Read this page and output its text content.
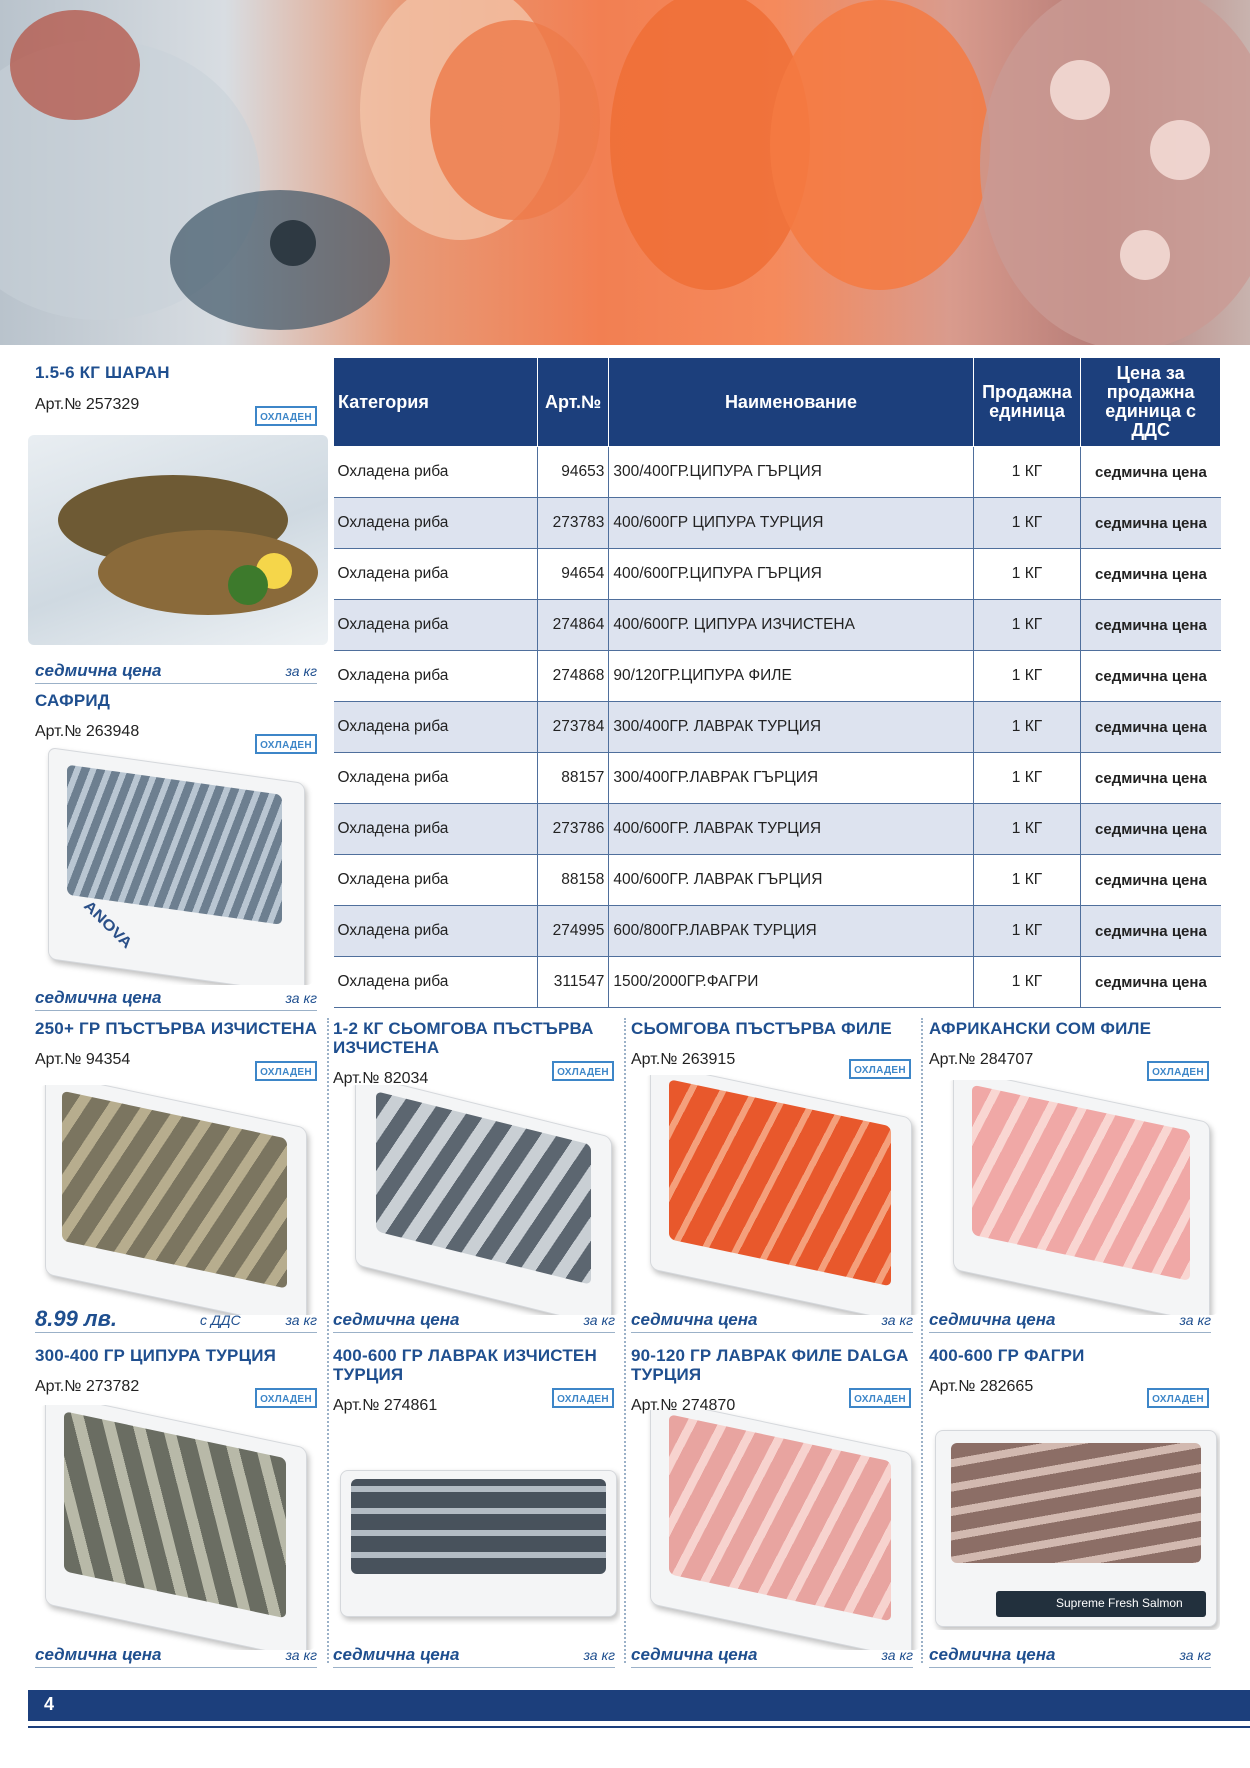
1.5-6 КГ ШАРАН
Арт.№ 257329
ОХЛАДЕН
седмична цена	за кг
САФРИД
Арт.№ 263948
ОХЛАДЕН
ANOVA
седмична цена	за кг
Категория	Арт.№	Наименование	Продажна единица	Цена за продажна единица с ДДС
Охладена риба	94653	300/400ГР.ЦИПУРА ГЪРЦИЯ	1 КГ	седмична цена
Охладена риба	273783	400/600ГР ЦИПУРА ТУРЦИЯ	1 КГ	седмична цена
Охладена риба	94654	400/600ГР.ЦИПУРА ГЪРЦИЯ	1 КГ	седмична цена
Охладена риба	274864	400/600ГР. ЦИПУРА ИЗЧИСТЕНА	1 КГ	седмична цена
Охладена риба	274868	90/120ГР.ЦИПУРА ФИЛЕ	1 КГ	седмична цена
Охладена риба	273784	300/400ГР. ЛАВРАК ТУРЦИЯ	1 КГ	седмична цена
Охладена риба	88157	300/400ГР.ЛАВРАК ГЪРЦИЯ	1 КГ	седмична цена
Охладена риба	273786	400/600ГР. ЛАВРАК ТУРЦИЯ	1 КГ	седмична цена
Охладена риба	88158	400/600ГР. ЛАВРАК ГЪРЦИЯ	1 КГ	седмична цена
Охладена риба	274995	600/800ГР.ЛАВРАК ТУРЦИЯ	1 КГ	седмична цена
Охладена риба	311547	1500/2000ГР.ФАГРИ	1 КГ	седмична цена
250+ ГР ПЪСТЪРВА ИЗЧИСТЕНА
Арт.№ 94354
ОХЛАДЕН
8.99 лв.	с ДДС	за кг
1-2 КГ СЬОМГОВА ПЪСТЪРВА
ИЗЧИСТЕНА
Арт.№ 82034	ОХЛАДЕН
седмична цена	за кг
СЬОМГОВА ПЪСТЪРВА ФИЛЕ
Арт.№ 263915
ОХЛАДЕН
седмична цена	за кг
АФРИКАНСКИ СОМ ФИЛЕ
Арт.№ 284707
ОХЛАДЕН
седмична цена	за кг
300-400 ГР ЦИПУРА ТУРЦИЯ
Арт.№ 273782
ОХЛАДЕН
седмична цена	за кг
400-600 ГР ЛАВРАК ИЗЧИСТЕН
ТУРЦИЯ
Арт.№ 274861	ОХЛАДЕН
седмична цена	за кг
90-120 ГР ЛАВРАК ФИЛЕ DALGA
ТУРЦИЯ
Арт.№ 274870	ОХЛАДЕН
седмична цена	за кг
400-600 ГР ФАГРИ
Арт.№ 282665
ОХЛАДЕН
Supreme Fresh Salmon
седмична цена	за кг
4
